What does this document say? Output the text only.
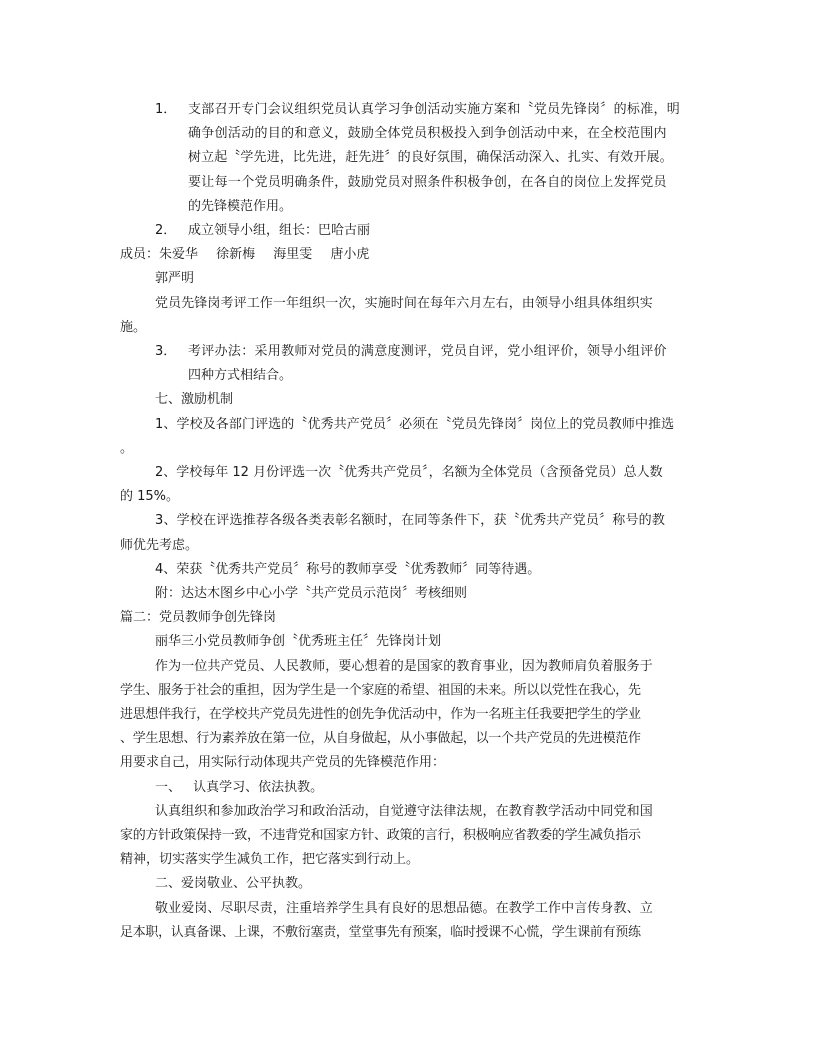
1． 支部召开专门会议组织党员认真学习争创活动实施方案和〝党员先锋岗〞的标准，明
确争创活动的目的和意义，鼓励全体党员积极投入到争创活动中来，在全校范围内
树立起〝学先进，比先进，赶先进〞的良好氛围，确保活动深入、扎实、有效开展。
要让每一个党员明确条件，鼓励党员对照条件积极争创，在各自的岗位上发挥党员
的先锋模范作用。
2． 成立领导小组，组长：巴哈古丽
成员：朱爱华 徐新梅 海里雯 唐小虎
郭严明
党员先锋岗考评工作一年组织一次，实施时间在每年六月左右，由领导小组具体组织实
施。
3． 考评办法：采用教师对党员的满意度测评，党员自评，党小组评价，领导小组评价
四种方式相结合。
七、激励机制
1、学校及各部门评选的〝优秀共产党员〞必须在〝党员先锋岗〞岗位上的党员教师中推选
。
2、学校每年 12 月份评选一次〝优秀共产党员〞，名额为全体党员（含预备党员）总人数
的 15%。
3、学校在评选推荐各级各类表彰名额时，在同等条件下，获〝优秀共产党员〞称号的教
师优先考虑。
4、荣获〝优秀共产党员〞称号的教师享受〝优秀教师〞同等待遇。
附：达达木图乡中心小学〝共产党员示范岗〞考核细则
篇二：党员教师争创先锋岗
丽华三小党员教师争创〝优秀班主任〞先锋岗计划
作为一位共产党员、人民教师，要心想着的是国家的教育事业，因为教师肩负着服务于
学生、服务于社会的重担，因为学生是一个家庭的希望、祖国的未来。所以以党性在我心，先
进思想伴我行，在学校共产党员先进性的创先争优活动中，作为一名班主任我要把学生的学业
、学生思想、行为素养放在第一位，从自身做起，从小事做起，以一个共产党员的先进模范作
用要求自己，用实际行动体现共产党员的先锋模范作用：
一、 认真学习、依法执教。
认真组织和参加政治学习和政治活动，自觉遵守法律法规，在教育教学活动中同党和国
家的方针政策保持一致，不违背党和国家方针、政策的言行，积极响应省教委的学生减负指示
精神，切实落实学生减负工作，把它落实到行动上。
二、爱岗敬业、公平执教。
敬业爱岗、尽职尽责，注重培养学生具有良好的思想品德。在教学工作中言传身教、立
足本职，认真备课、上课，不敷衍塞责，堂堂事先有预案，临时授课不心慌，学生课前有预练
